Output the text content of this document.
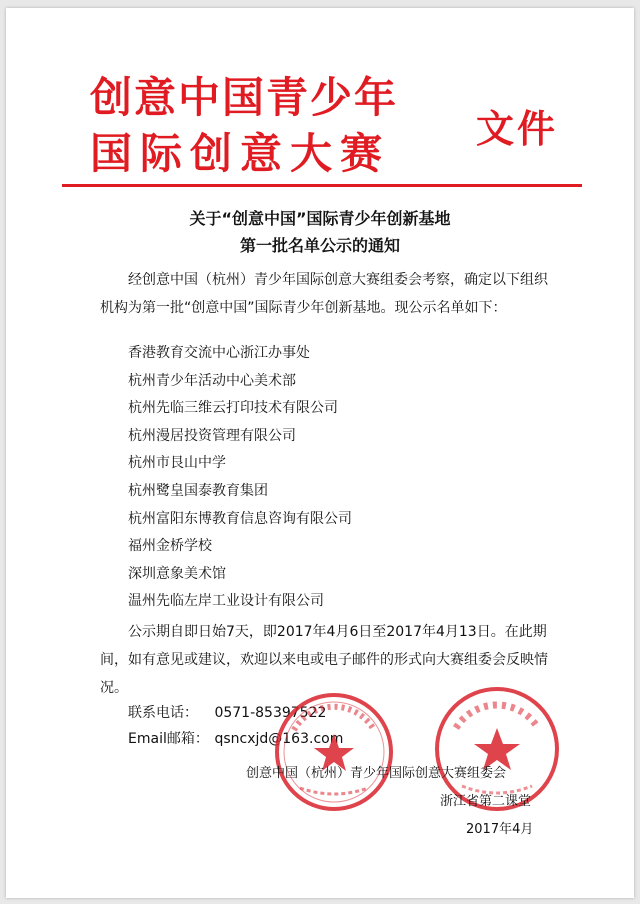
创意中国青少年
国际创意大赛
文件
关于“创意中国”国际青少年创新基地
第一批名单公示的通知
经创意中国（杭州）青少年国际创意大赛组委会考察，确定以下组织机构为第一批“创意中国”国际青少年创新基地。现公示名单如下：
香港教育交流中心浙江办事处
杭州青少年活动中心美术部
杭州先临三维云打印技术有限公司
杭州漫居投资管理有限公司
杭州市艮山中学
杭州鹭皇国泰教育集团
杭州富阳东博教育信息咨询有限公司
福州金桥学校
深圳意象美术馆
温州先临左岸工业设计有限公司
公示期自即日始7天，即2017年4月6日至2017年4月13日。在此期间，如有意见或建议，欢迎以来电或电子邮件的形式向大赛组委会反映情况。
联系电话： 0571-85397522
Email邮箱： qsncxjd@163.com
创意中国（杭州）青少年国际创意大赛组委会
浙江省第二课堂
2017年4月
